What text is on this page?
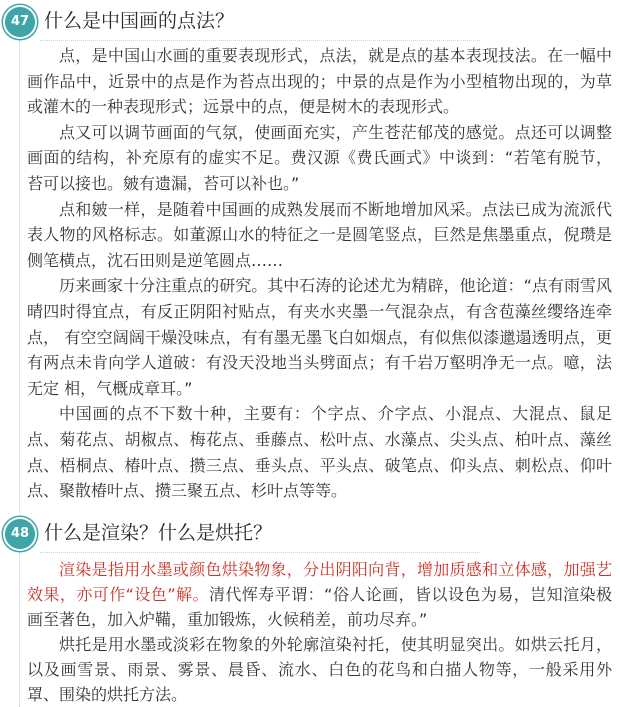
47 什么是中国画的点法？
点，是中国山水画的重要表现形式，点法，就是点的基本表现技法。在一幅中
画作品中，近景中的点是作为苔点出现的；中景的点是作为小型植物出现的，为草
或灌木的一种表现形式；远景中的点，便是树木的表现形式。
点又可以调节画面的气氛，使画面充实，产生苍茫郁茂的感觉。点还可以调整
画面的结构，补充原有的虚实不足。费汉源《费氏画式》中谈到：“若笔有脱节，
苔可以接也。皴有遗漏，苔可以补也。”
点和皴一样，是随着中国画的成熟发展而不断地增加风采。点法已成为流派代
表人物的风格标志。如董源山水的特征之一是圆笔竖点，巨然是焦墨重点，倪瓒是
侧笔横点，沈石田则是逆笔圆点……
历来画家十分注重点的研究。其中石涛的论述尤为精辟，他论道：“点有雨雪风
晴四时得宜点，有反正阴阳衬贴点，有夹水夹墨一气混杂点，有含苞藻丝缨络连牵
点， 有空空阔阔干燥没味点，有有墨无墨飞白如烟点，有似焦似漆邋遢透明点，更
有两点未肯向学人道破：有没天没地当头劈面点；有千岩万壑明净无一点。噫，法
无定 相，气概成章耳。”
中国画的点不下数十种，主要有：个字点、介字点、小混点、大混点、鼠足
点、菊花点、胡椒点、梅花点、垂藤点、松叶点、水藻点、尖头点、柏叶点、藻丝
点、梧桐点、椿叶点、攒三点、垂头点、平头点、破笔点、仰头点、刺松点、仰叶
点、聚散椿叶点、攒三聚五点、杉叶点等等。
48 什么是渲染？什么是烘托？
渲染是指用水墨或颜色烘染物象，分出阴阳向背，增加质感和立体感，加强艺
效果，亦可作“设色”解。清代恽寿平谓：“俗人论画，皆以设色为易，岂知渲染极
画至著色，加入炉鞴，重加锻炼，火候稍差，前功尽弃。”
烘托是用水墨或淡彩在物象的外轮廓渲染衬托，使其明显突出。如烘云托月，
以及画雪景、雨景、雾景、晨昏、流水、白色的花鸟和白描人物等，一般采用外
罩、围染的烘托方法。
